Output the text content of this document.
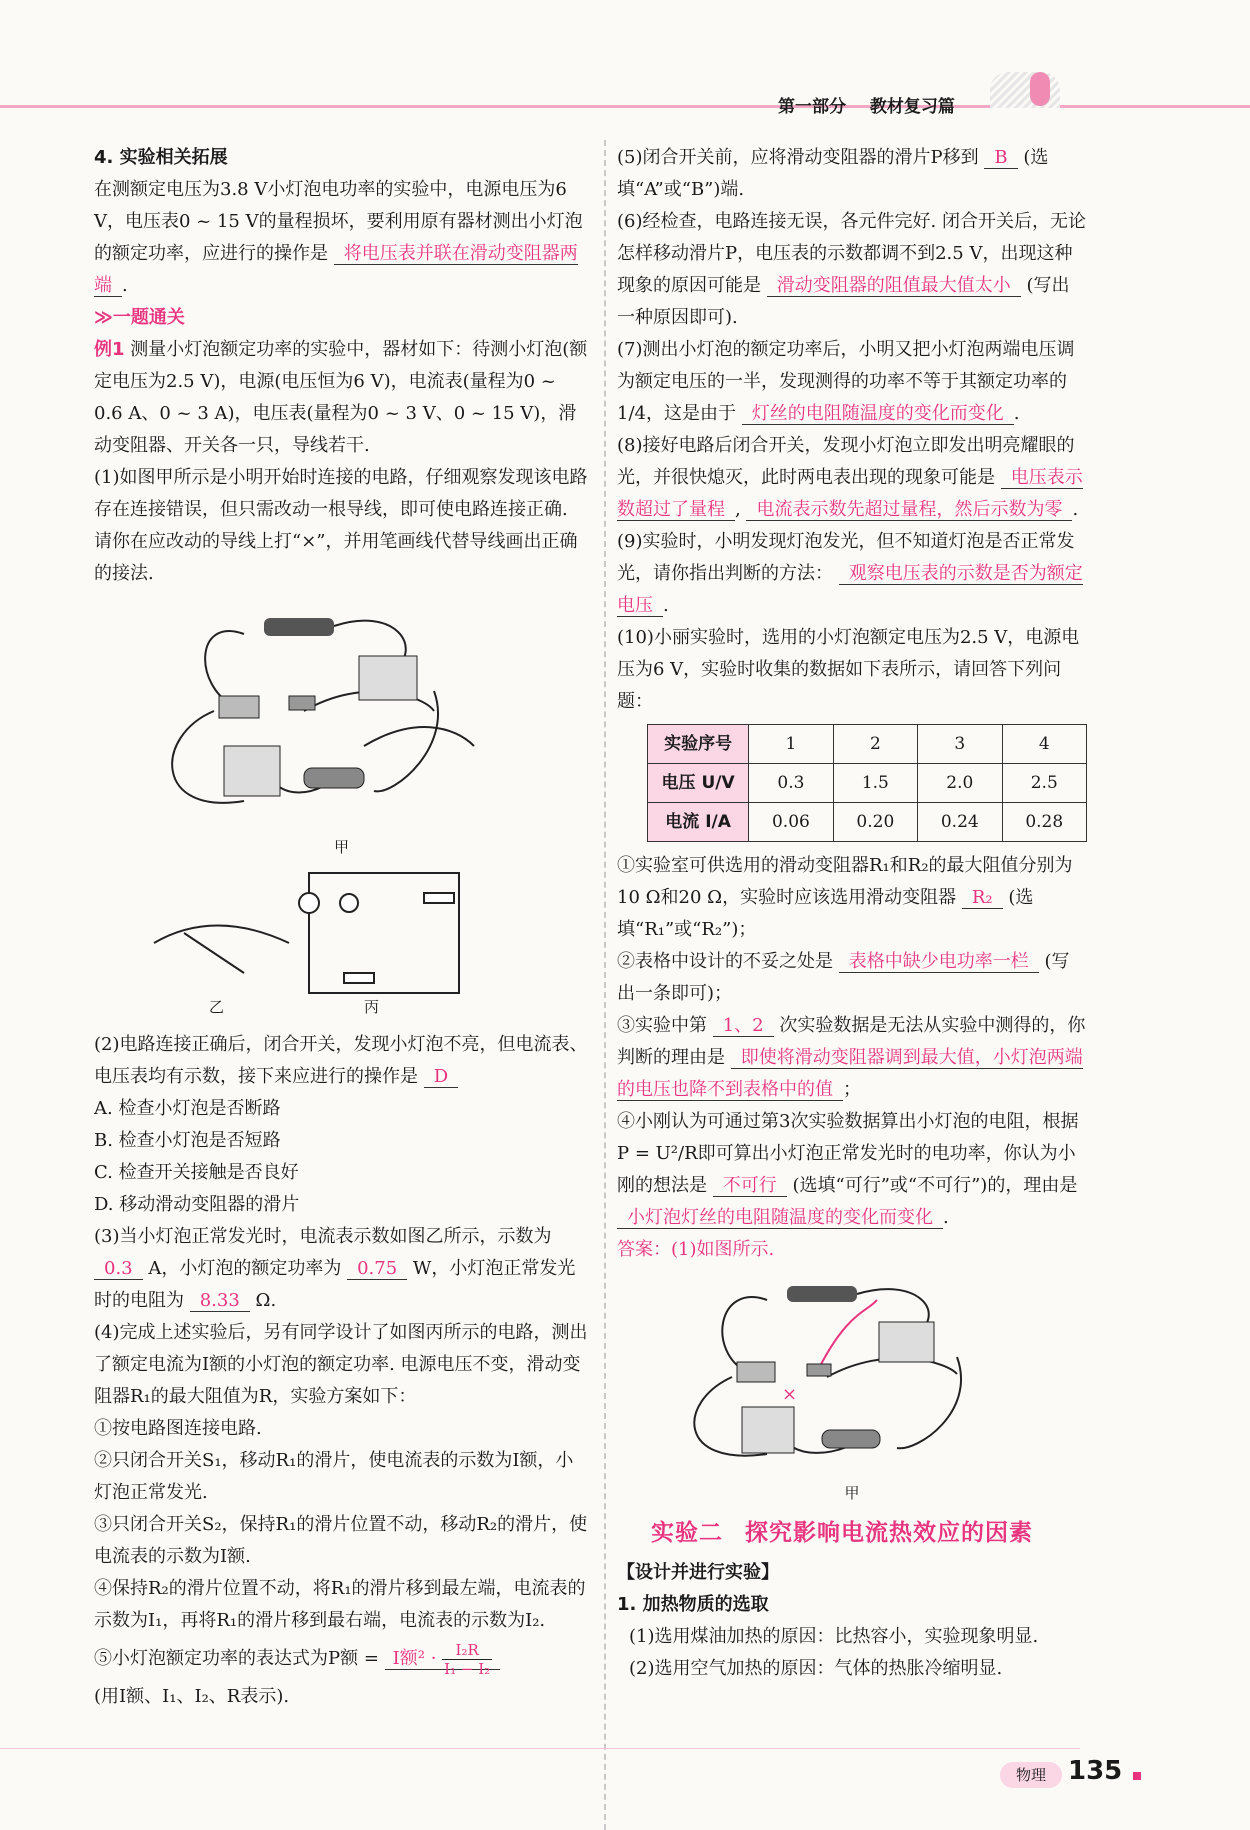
第一部分 教材复习篇

4. 实验相关拓展

在测额定电压为3.8 V小灯泡电功率的实验中，电源电压为6 V，电压表0 ~ 15 V的量程损坏，要利用原有器材测出小灯泡的额定功率，应进行的操作是 将电压表并联在滑动变阻器两端 .

≫一题通关

例1 测量小灯泡额定功率的实验中，器材如下：待测小灯泡(额定电压为2.5 V)，电源(电压恒为6 V)，电流表(量程为0 ~ 0.6 A、0 ~ 3 A)，电压表(量程为0 ~ 3 V、0 ~ 15 V)，滑动变阻器、开关各一只，导线若干.

(1)如图甲所示是小明开始时连接的电路，仔细观察发现该电路存在连接错误，但只需改动一根导线，即可使电路连接正确. 请你在应改动的导线上打“×”，并用笔画线代替导线画出正确的接法.

甲
乙	丙

(2)电路连接正确后，闭合开关，发现小灯泡不亮，但电流表、电压表均有示数，接下来应进行的操作是 D

A. 检查小灯泡是否断路

B. 检查小灯泡是否短路

C. 检查开关接触是否良好

D. 移动滑动变阻器的滑片

(3)当小灯泡正常发光时，电流表示数如图乙所示，示数为 0.3 A，小灯泡的额定功率为 0.75 W，小灯泡正常发光时的电阻为 8.33 Ω.

(4)完成上述实验后，另有同学设计了如图丙所示的电路，测出了额定电流为I额的小灯泡的额定功率. 电源电压不变，滑动变阻器R₁的最大阻值为R，实验方案如下：

①按电路图连接电路.

②只闭合开关S₁，移动R₁的滑片，使电流表的示数为I额，小灯泡正常发光.

③只闭合开关S₂，保持R₁的滑片位置不动，移动R₂的滑片，使电流表的示数为I额.

④保持R₂的滑片位置不动，将R₁的滑片移到最左端，电流表的示数为I₁，再将R₁的滑片移到最右端，电流表的示数为I₂.

⑤小灯泡额定功率的表达式为P额 = I额$^2 \cdot \frac{\text{I₂R}}{\text{I₁ − I₂}}$

(用I额、I₁、I₂、R表示).

(5)闭合开关前，应将滑动变阻器的滑片P移到 B (选填“A”或“B”)端.

(6)经检查，电路连接无误，各元件完好. 闭合开关后，无论怎样移动滑片P，电压表的示数都调不到2.5 V，出现这种现象的原因可能是 滑动变阻器的阻值最大值太小 (写出一种原因即可).

(7)测出小灯泡的额定功率后，小明又把小灯泡两端电压调为额定电压的一半，发现测得的功率不等于其额定功率的1/4，这是由于 灯丝的电阻随温度的变化而变化 .

(8)接好电路后闭合开关，发现小灯泡立即发出明亮耀眼的光，并很快熄灭，此时两电表出现的现象可能是 电压表示数超过了量程 , 电流表示数先超过量程，然后示数为零 .

(9)实验时，小明发现灯泡发光，但不知道灯泡是否正常发光，请你指出判断的方法： 观察电压表的示数是否为额定电压 .

(10)小丽实验时，选用的小灯泡额定电压为2.5 V，电源电压为6 V，实验时收集的数据如下表所示，请回答下列问题：

实验序号	1	2	3	4
电压 U/V	0.3	1.5	2.0	2.5
电流 I/A	0.06	0.20	0.24	0.28

①实验室可供选用的滑动变阻器R₁和R₂的最大阻值分别为10 Ω和20 Ω，实验时应该选用滑动变阻器 R₂ (选填“R₁”或“R₂”)；

②表格中设计的不妥之处是 表格中缺少电功率一栏 (写出一条即可)；

③实验中第 1、2 次实验数据是无法从实验中测得的，你判断的理由是 即使将滑动变阻器调到最大值，小灯泡两端的电压也降不到表格中的值 ；

④小刚认为可通过第3次实验数据算出小灯泡的电阻，根据P = U²/R即可算出小灯泡正常发光时的电功率，你认为小刚的想法是 不可行 (选填“可行”或“不可行”)的，理由是 小灯泡灯丝的电阻随温度的变化而变化 .

答案：(1)如图所示.

×
甲

实验二 探究影响电流热效应的因素

【设计并进行实验】

1. 加热物质的选取

(1)选用煤油加热的原因：比热容小，实验现象明显.

(2)选用空气加热的原因：气体的热胀冷缩明显.

物理 135
